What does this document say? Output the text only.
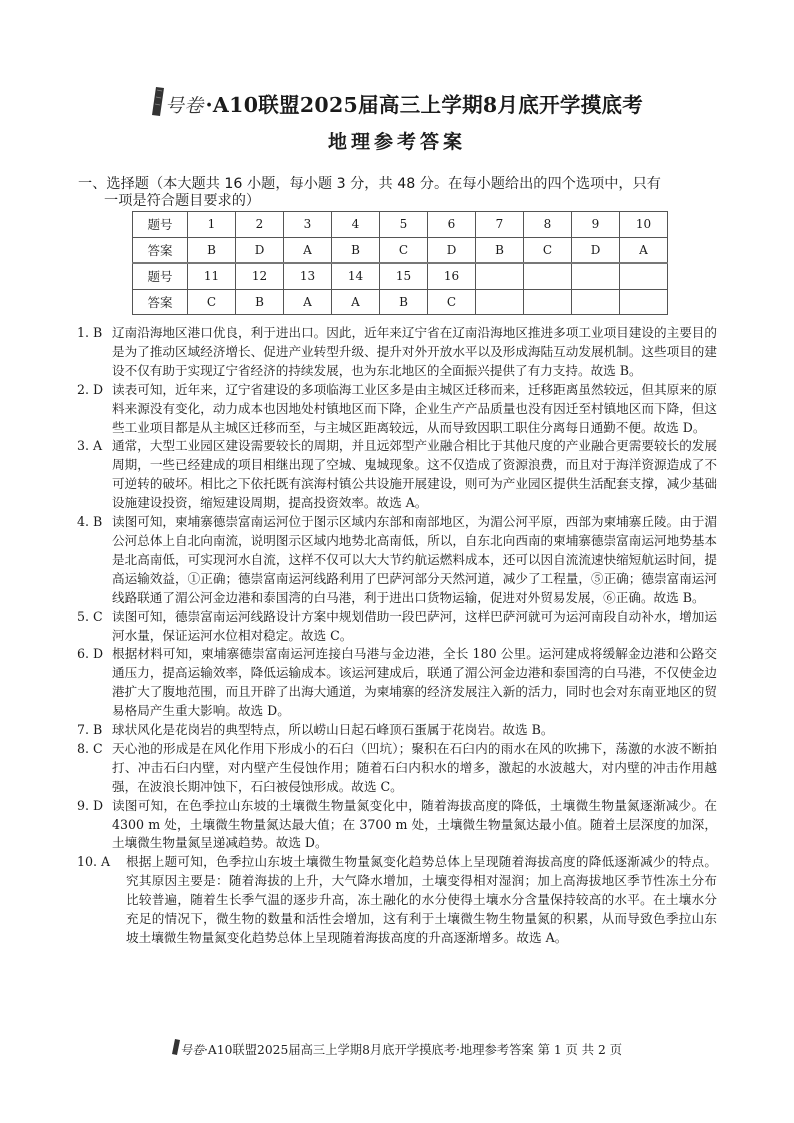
号卷·A10联盟2025届高三上学期8月底开学摸底考
地理参考答案
一、选择题（本大题共 16 小题，每小题 3 分，共 48 分。在每小题给出的四个选项中，只有
一项是符合题目要求的）
题号	1	2	3	4	5	6	7	8	9	10
答案	B	D	A	B	C	D	B	C	D	A
题号	11	12	13	14	15	16				
答案	C	B	A	A	B	C				
1. B 辽南沿海地区港口优良，利于进出口。因此，近年来辽宁省在辽南沿海地区推进多项工业项目建设的主要目的是为了推动区域经济增长、促进产业转型升级、提升对外开放水平以及形成海陆互动发展机制。这些项目的建设不仅有助于实现辽宁省经济的持续发展，也为东北地区的全面振兴提供了有力支持。故选 B。
2. D 读表可知，近年来，辽宁省建设的多项临海工业区多是由主城区迁移而来，迁移距离虽然较远，但其原来的原料来源没有变化，动力成本也因地处村镇地区而下降，企业生产产品质量也没有因迁至村镇地区而下降，但这些工业项目都是从主城区迁移而至，与主城区距离较远，从而导致因职工职住分离每日通勤不便。故选 D。
3. A 通常，大型工业园区建设需要较长的周期，并且远郊型产业融合相比于其他尺度的产业融合更需要较长的发展周期，一些已经建成的项目相继出现了空城、鬼城现象。这不仅造成了资源浪费，而且对于海洋资源造成了不可逆转的破坏。相比之下依托既有滨海村镇公共设施开展建设，则可为产业园区提供生活配套支撑，减少基础设施建设投资，缩短建设周期，提高投资效率。故选 A。
4. B 读图可知，柬埔寨德崇富南运河位于图示区域内东部和南部地区，为湄公河平原，西部为柬埔寨丘陵。由于湄公河总体上自北向南流，说明图示区域内地势北高南低，所以，自东北向西南的柬埔寨德崇富南运河地势基本是北高南低，可实现河水自流，这样不仅可以大大节约航运燃料成本，还可以因自流流速快缩短航运时间，提高运输效益，①正确；德崇富南运河线路利用了巴萨河部分天然河道，减少了工程量，⑤正确；德崇富南运河线路联通了湄公河金边港和泰国湾的白马港，利于进出口货物运输，促进对外贸易发展，⑥正确。故选 B。
5. C 读图可知，德崇富南运河线路设计方案中规划借助一段巴萨河，这样巴萨河就可为运河南段自动补水，增加运河水量，保证运河水位相对稳定。故选 C。
6. D 根据材料可知，柬埔寨德崇富南运河连接白马港与金边港，全长 180 公里。运河建成将缓解金边港和公路交通压力，提高运输效率，降低运输成本。该运河建成后，联通了湄公河金边港和泰国湾的白马港，不仅使金边港扩大了腹地范围，而且开辟了出海大通道，为柬埔寨的经济发展注入新的活力，同时也会对东南亚地区的贸易格局产生重大影响。故选 D。
7. B 球状风化是花岗岩的典型特点，所以崂山日起石峰顶石蛋属于花岗岩。故选 B。
8. C 天心池的形成是在风化作用下形成小的石臼（凹坑）；聚积在石臼内的雨水在风的吹拂下，荡激的水波不断拍打、冲击石臼内壁，对内壁产生侵蚀作用；随着石臼内积水的增多，激起的水波越大，对内壁的冲击作用越强，在波浪长期冲蚀下，石臼被侵蚀形成。故选 C。
9. D 读图可知，在色季拉山东坡的土壤微生物量氮变化中，随着海拔高度的降低，土壤微生物量氮逐渐减少。在 4300 m 处，土壤微生物量氮达最大值；在 3700 m 处，土壤微生物量氮达最小值。随着土层深度的加深，土壤微生物量氮呈递减趋势。故选 D。
10. A 根据上题可知，色季拉山东坡土壤微生物量氮变化趋势总体上呈现随着海拔高度的降低逐渐减少的特点。究其原因主要是：随着海拔的上升，大气降水增加，土壤变得相对湿润；加上高海拔地区季节性冻土分布比较普遍，随着生长季气温的逐步升高，冻土融化的水分使得土壤水分含量保持较高的水平。在土壤水分充足的情况下，微生物的数量和活性会增加，这有利于土壤微生物生物量氮的积累，从而导致色季拉山东坡土壤微生物量氮变化趋势总体上呈现随着海拔高度的升高逐渐增多。故选 A。
号卷·A10联盟2025届高三上学期8月底开学摸底考·地理参考答案 第 1 页 共 2 页
